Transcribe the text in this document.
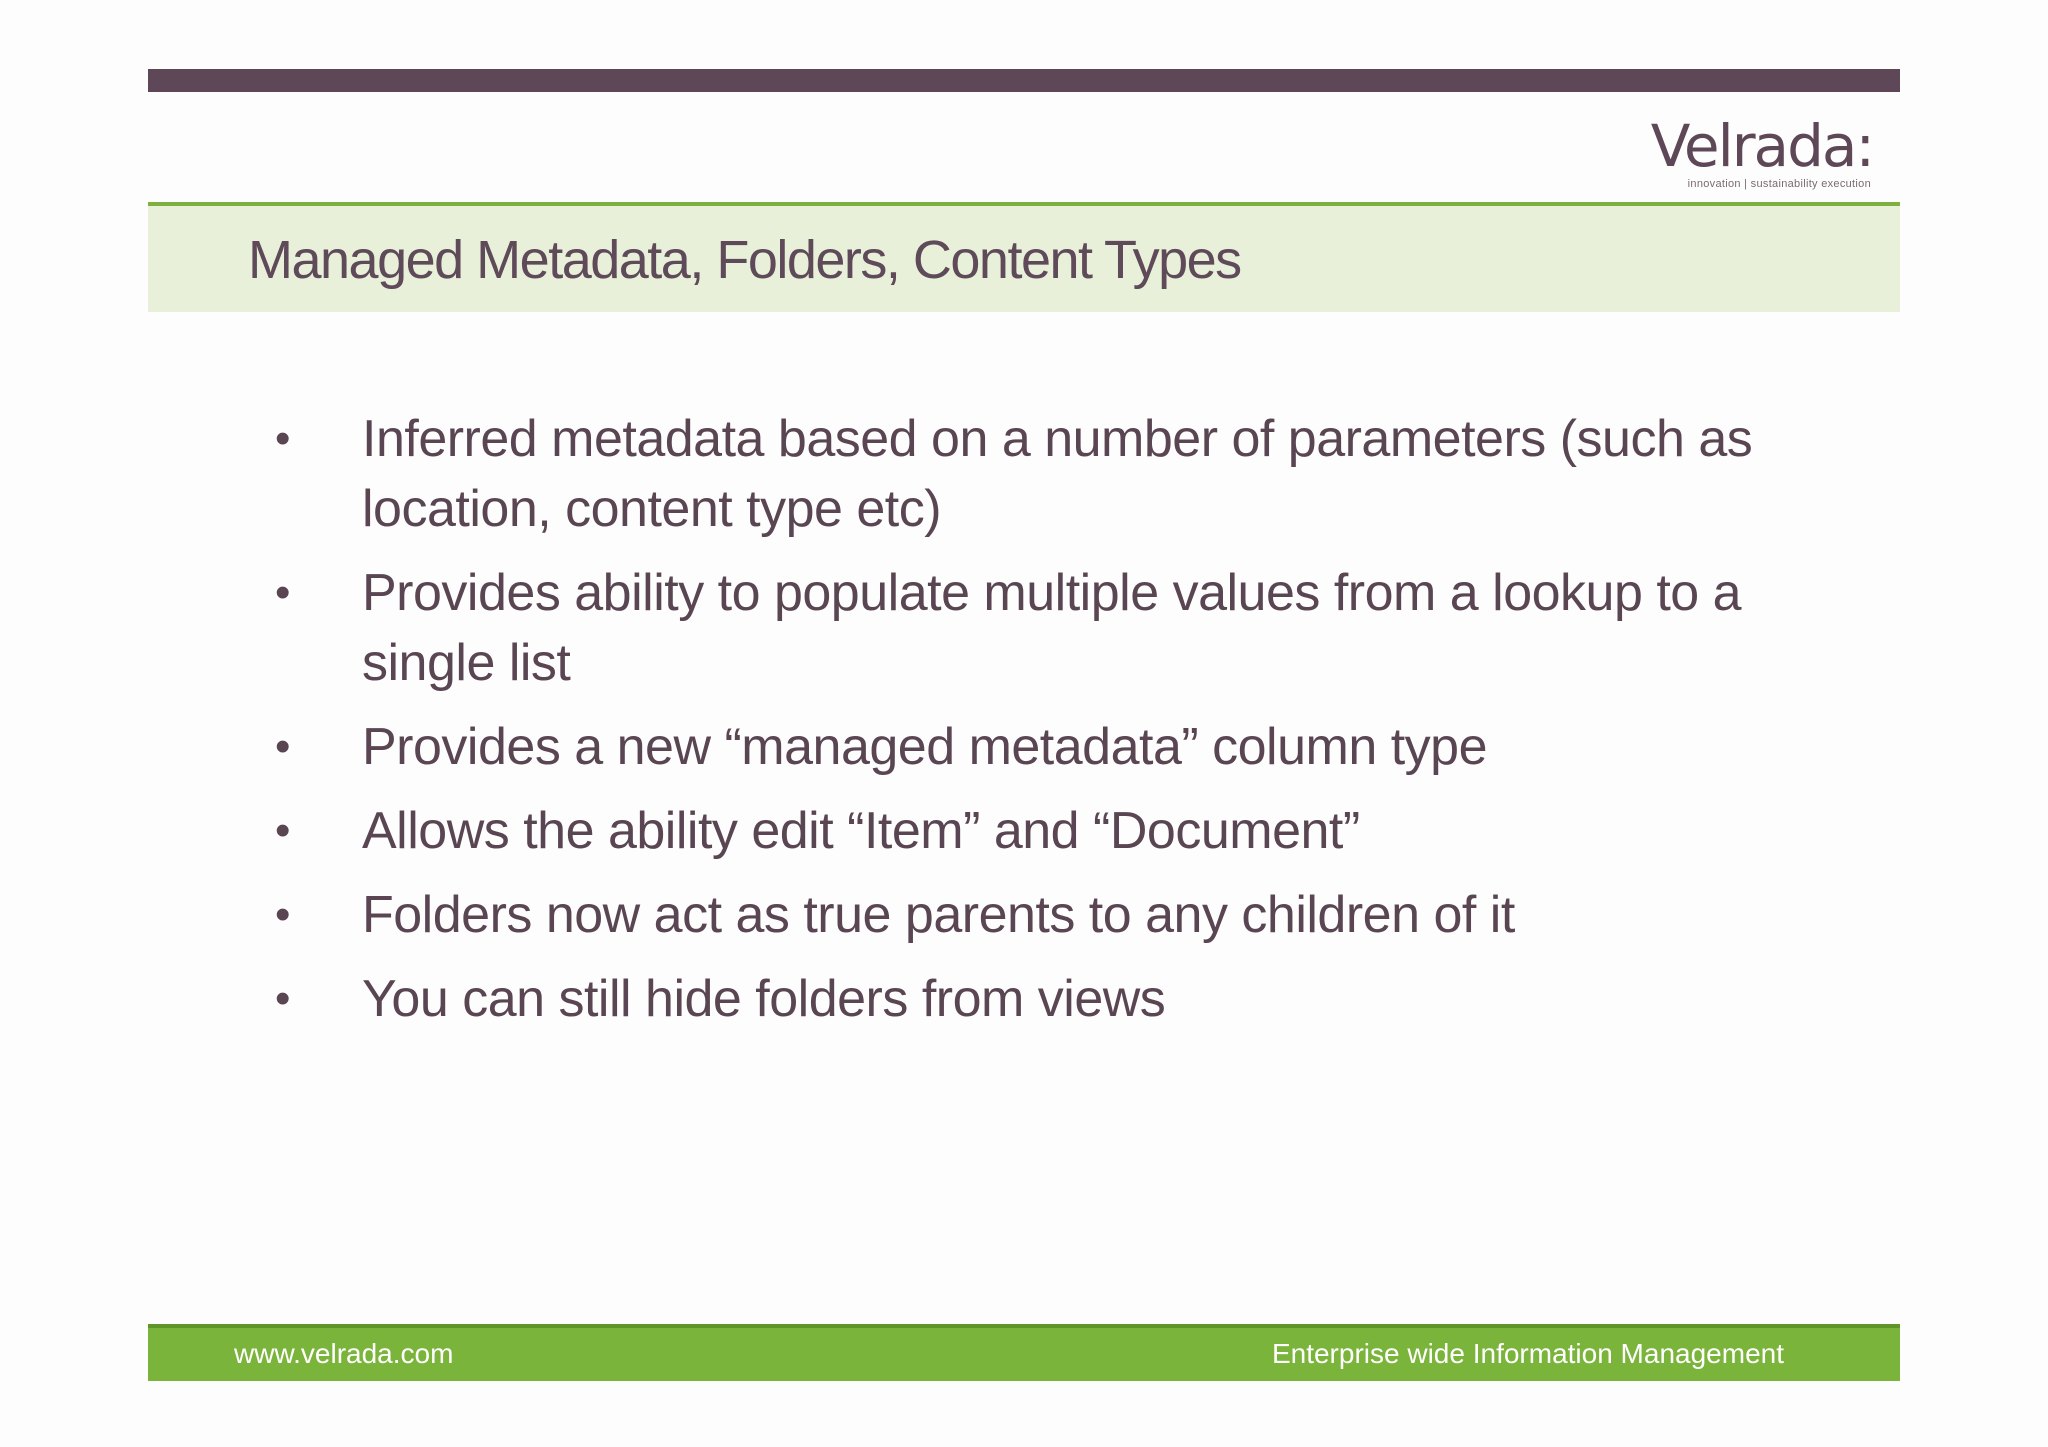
Velrada:
innovation | sustainability execution
Managed Metadata, Folders, Content Types
• Inferred metadata based on a number of parameters (such as location, content type etc)
• Provides ability to populate multiple values from a lookup to a single list
• Provides a new “managed metadata” column type
• Allows the ability edit “Item” and “Document”
• Folders now act as true parents to any children of it
• You can still hide folders from views
www.velrada.com	Enterprise wide Information Management
